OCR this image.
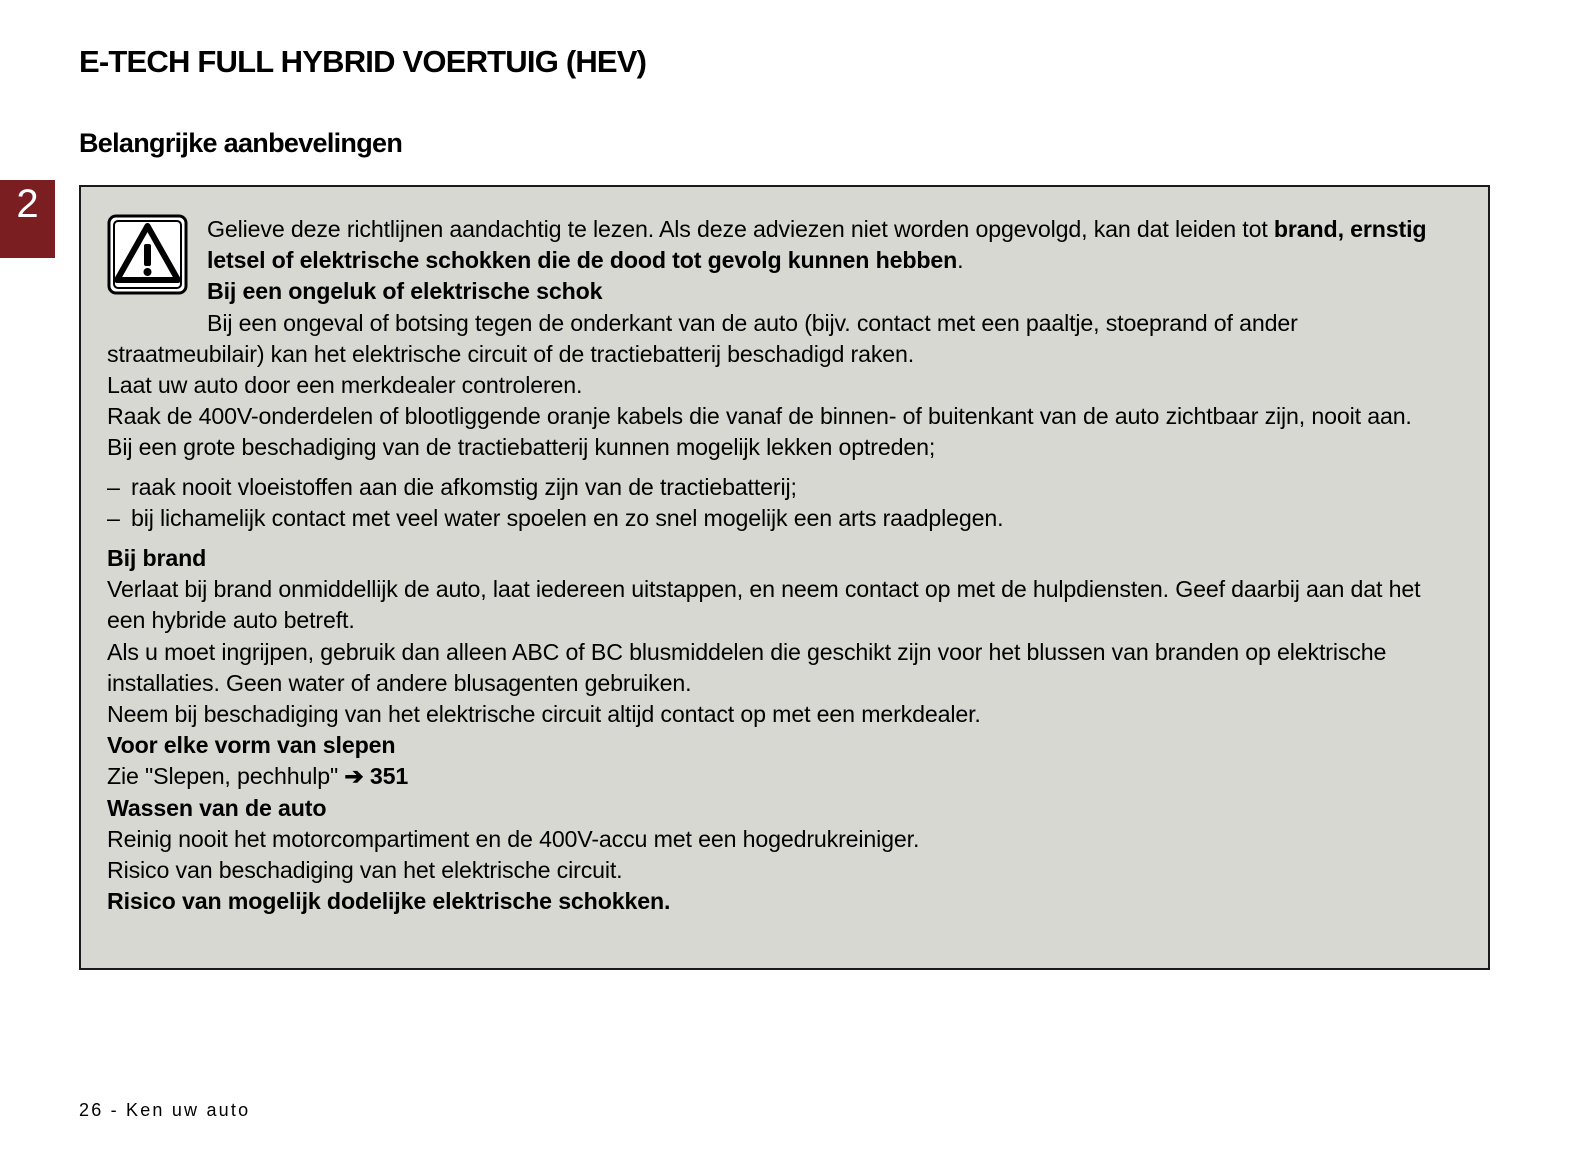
E-TECH FULL HYBRID VOERTUIG (HEV)
Belangrijke aanbevelingen
2

Gelieve deze richtlijnen aandachtig te lezen. Als deze adviezen niet worden opgevolgd, kan dat leiden tot brand, ernstig letsel of elektrische schokken die de dood tot gevolg kunnen hebben.

Bij een ongeluk of elektrische schok

Bij een ongeval of botsing tegen de onderkant van de auto (bijv. contact met een paaltje, stoeprand of ander straatmeubilair) kan het elektrische circuit of de tractiebatterij beschadigd raken.

Laat uw auto door een merkdealer controleren.

Raak de 400V-onderdelen of blootliggende oranje kabels die vanaf de binnen- of buitenkant van de auto zichtbaar zijn, nooit aan.

Bij een grote beschadiging van de tractiebatterij kunnen mogelijk lekken optreden;

– raak nooit vloeistoffen aan die afkomstig zijn van de tractiebatterij;
– bij lichamelijk contact met veel water spoelen en zo snel mogelijk een arts raadplegen.

Bij brand

Verlaat bij brand onmiddellijk de auto, laat iedereen uitstappen, en neem contact op met de hulpdiensten. Geef daarbij aan dat het een hybride auto betreft.

Als u moet ingrijpen, gebruik dan alleen ABC of BC blusmiddelen die geschikt zijn voor het blussen van branden op elektrische installaties. Geen water of andere blusagenten gebruiken.

Neem bij beschadiging van het elektrische circuit altijd contact op met een merkdealer.

Voor elke vorm van slepen

Zie "Slepen, pechhulp" ➔ 351

Wassen van de auto

Reinig nooit het motorcompartiment en de 400V-accu met een hogedrukreiniger.

Risico van beschadiging van het elektrische circuit.

Risico van mogelijk dodelijke elektrische schokken.

26 - Ken uw auto
